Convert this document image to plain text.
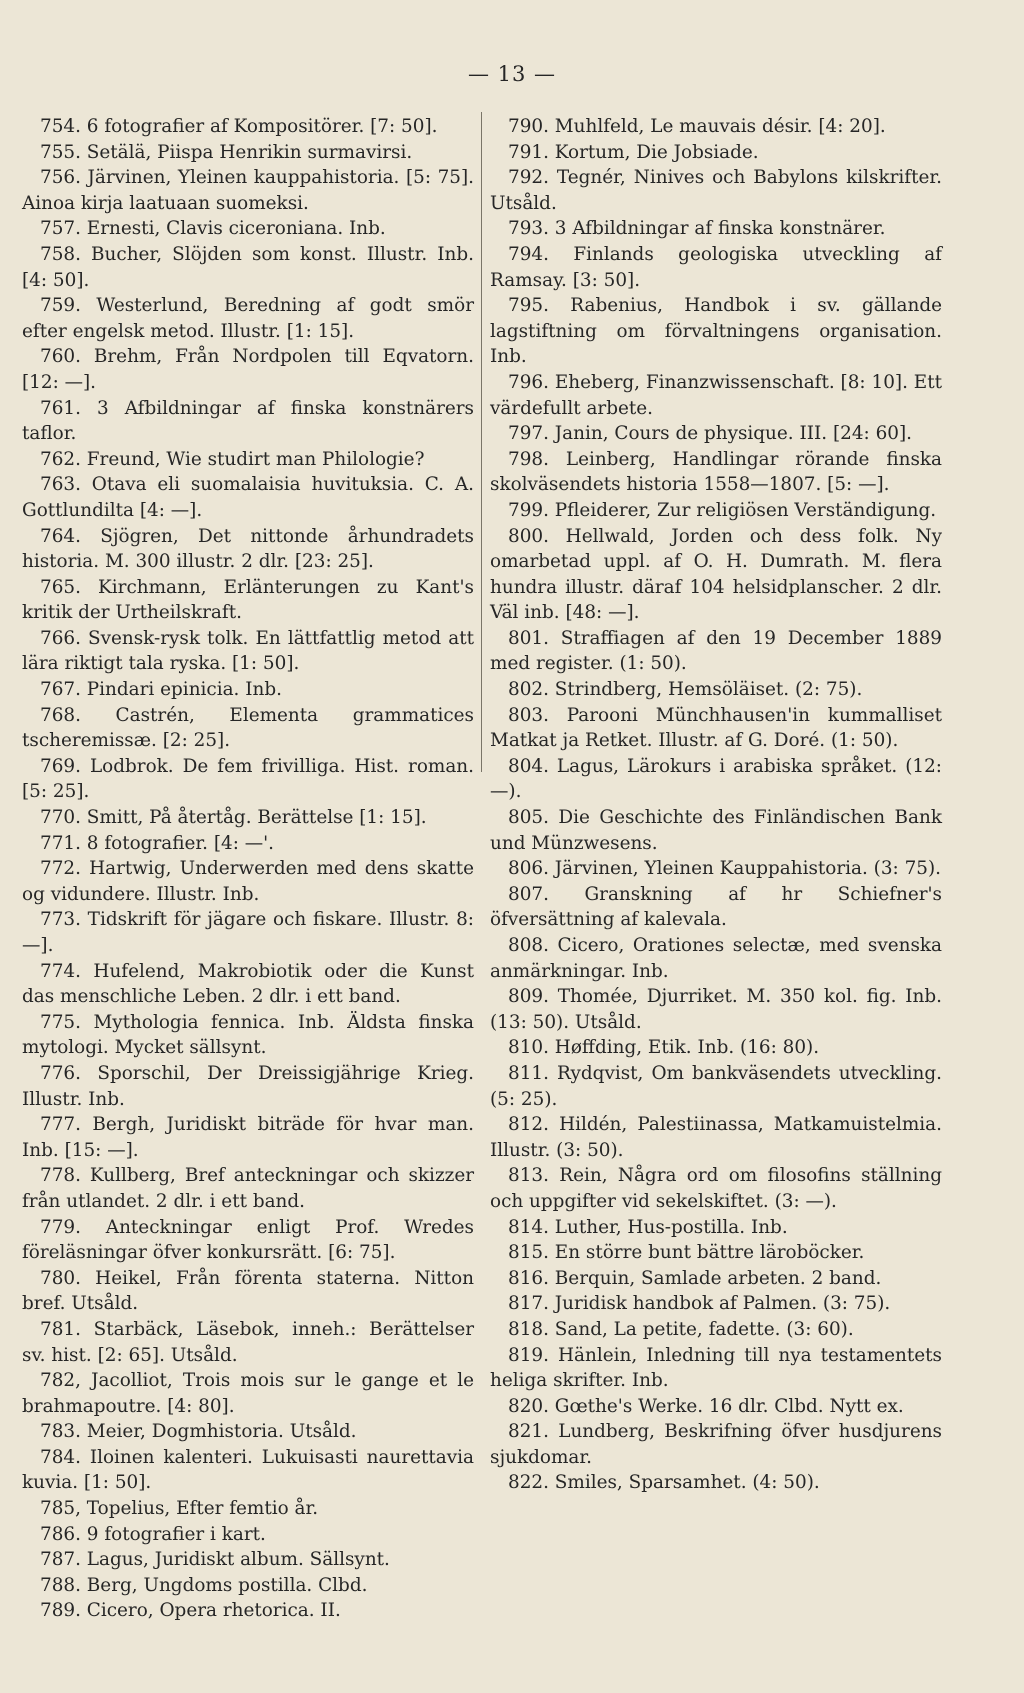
— 13 —

754. 6 fotografier af Kompositörer. [7: 50].

755. Setälä, Piispa Henrikin surmavirsi.

756. Järvinen, Yleinen kauppahistoria. [5: 75]. Ainoa kirja laatuaan suomeksi.

757. Ernesti, Clavis ciceroniana. Inb.

758. Bucher, Slöjden som konst. Illustr. Inb. [4: 50].

759. Westerlund, Beredning af godt smör efter engelsk metod. Illustr. [1: 15].

760. Brehm, Från Nordpolen till Eqvatorn. [12: —].

761. 3 Afbildningar af finska konstnärers taflor.

762. Freund, Wie studirt man Philologie?

763. Otava eli suomalaisia huvituksia. C. A. Gottlundilta [4: —].

764. Sjögren, Det nittonde århundradets historia. M. 300 illustr. 2 dlr. [23: 25].

765. Kirchmann, Erlänterungen zu Kant's kritik der Urtheilskraft.

766. Svensk-rysk tolk. En lättfattlig metod att lära riktigt tala ryska. [1: 50].

767. Pindari epinicia. Inb.

768. Castrén, Elementa grammatices tscheremissæ. [2: 25].

769. Lodbrok. De fem frivilliga. Hist. roman. [5: 25].

770. Smitt, På återtåg. Berättelse [1: 15].

771. 8 fotografier. [4: —'.

772. Hartwig, Underwerden med dens skatte og vidundere. Illustr. Inb.

773. Tidskrift för jägare och fiskare. Illustr. 8: —].

774. Hufelend, Makrobiotik oder die Kunst das menschliche Leben. 2 dlr. i ett band.

775. Mythologia fennica. Inb. Äldsta finska mytologi. Mycket sällsynt.

776. Sporschil, Der Dreissigjährige Krieg. Illustr. Inb.

777. Bergh, Juridiskt biträde för hvar man. Inb. [15: —].

778. Kullberg, Bref anteckningar och skizzer från utlandet. 2 dlr. i ett band.

779. Anteckningar enligt Prof. Wredes föreläsningar öfver konkursrätt. [6: 75].

780. Heikel, Från förenta staterna. Nitton bref. Utsåld.

781. Starbäck, Läsebok, inneh.: Berättelser sv. hist. [2: 65]. Utsåld.

782, Jacolliot, Trois mois sur le gange et le brahmapoutre. [4: 80].

783. Meier, Dogmhistoria. Utsåld.

784. Iloinen kalenteri. Lukuisasti naurettavia kuvia. [1: 50].

785, Topelius, Efter femtio år.

786. 9 fotografier i kart.

787. Lagus, Juridiskt album. Sällsynt.

788. Berg, Ungdoms postilla. Clbd.

789. Cicero, Opera rhetorica. II.

790. Muhlfeld, Le mauvais désir. [4: 20].

791. Kortum, Die Jobsiade.

792. Tegnér, Ninives och Babylons kilskrifter. Utsåld.

793. 3 Afbildningar af finska konstnärer.

794. Finlands geologiska utveckling af Ramsay. [3: 50].

795. Rabenius, Handbok i sv. gällande lagstiftning om förvaltningens organisation. Inb.

796. Eheberg, Finanzwissenschaft. [8: 10]. Ett värdefullt arbete.

797. Janin, Cours de physique. III. [24: 60].

798. Leinberg, Handlingar rörande finska skolväsendets historia 1558—1807. [5: —].

799. Pfleiderer, Zur religiösen Verständigung.

800. Hellwald, Jorden och dess folk. Ny omarbetad uppl. af O. H. Dumrath. M. flera hundra illustr. däraf 104 helsidplanscher. 2 dlr. Väl inb. [48: —].

801. Straffiagen af den 19 December 1889 med register. (1: 50).

802. Strindberg, Hemsöläiset. (2: 75).

803. Parooni Münchhausen'in kummalliset Matkat ja Retket. Illustr. af G. Doré. (1: 50).

804. Lagus, Lärokurs i arabiska språket. (12: —).

805. Die Geschichte des Finländischen Bank und Münzwesens.

806. Järvinen, Yleinen Kauppahistoria. (3: 75).

807. Granskning af hr Schiefner's öfversättning af kalevala.

808. Cicero, Orationes selectæ, med svenska anmärkningar. Inb.

809. Thomée, Djurriket. M. 350 kol. fig. Inb. (13: 50). Utsåld.

810. Høffding, Etik. Inb. (16: 80).

811. Rydqvist, Om bankväsendets utveckling. (5: 25).

812. Hildén, Palestiinassa, Matkamuistelmia. Illustr. (3: 50).

813. Rein, Några ord om filosofins ställning och uppgifter vid sekelskiftet. (3: —).

814. Luther, Hus-postilla. Inb.

815. En större bunt bättre läroböcker.

816. Berquin, Samlade arbeten. 2 band.

817. Juridisk handbok af Palmen. (3: 75).

818. Sand, La petite, fadette. (3: 60).

819. Hänlein, Inledning till nya testamentets heliga skrifter. Inb.

820. Gœthe's Werke. 16 dlr. Clbd. Nytt ex.

821. Lundberg, Beskrifning öfver husdjurens sjukdomar.

822. Smiles, Sparsamhet. (4: 50).
